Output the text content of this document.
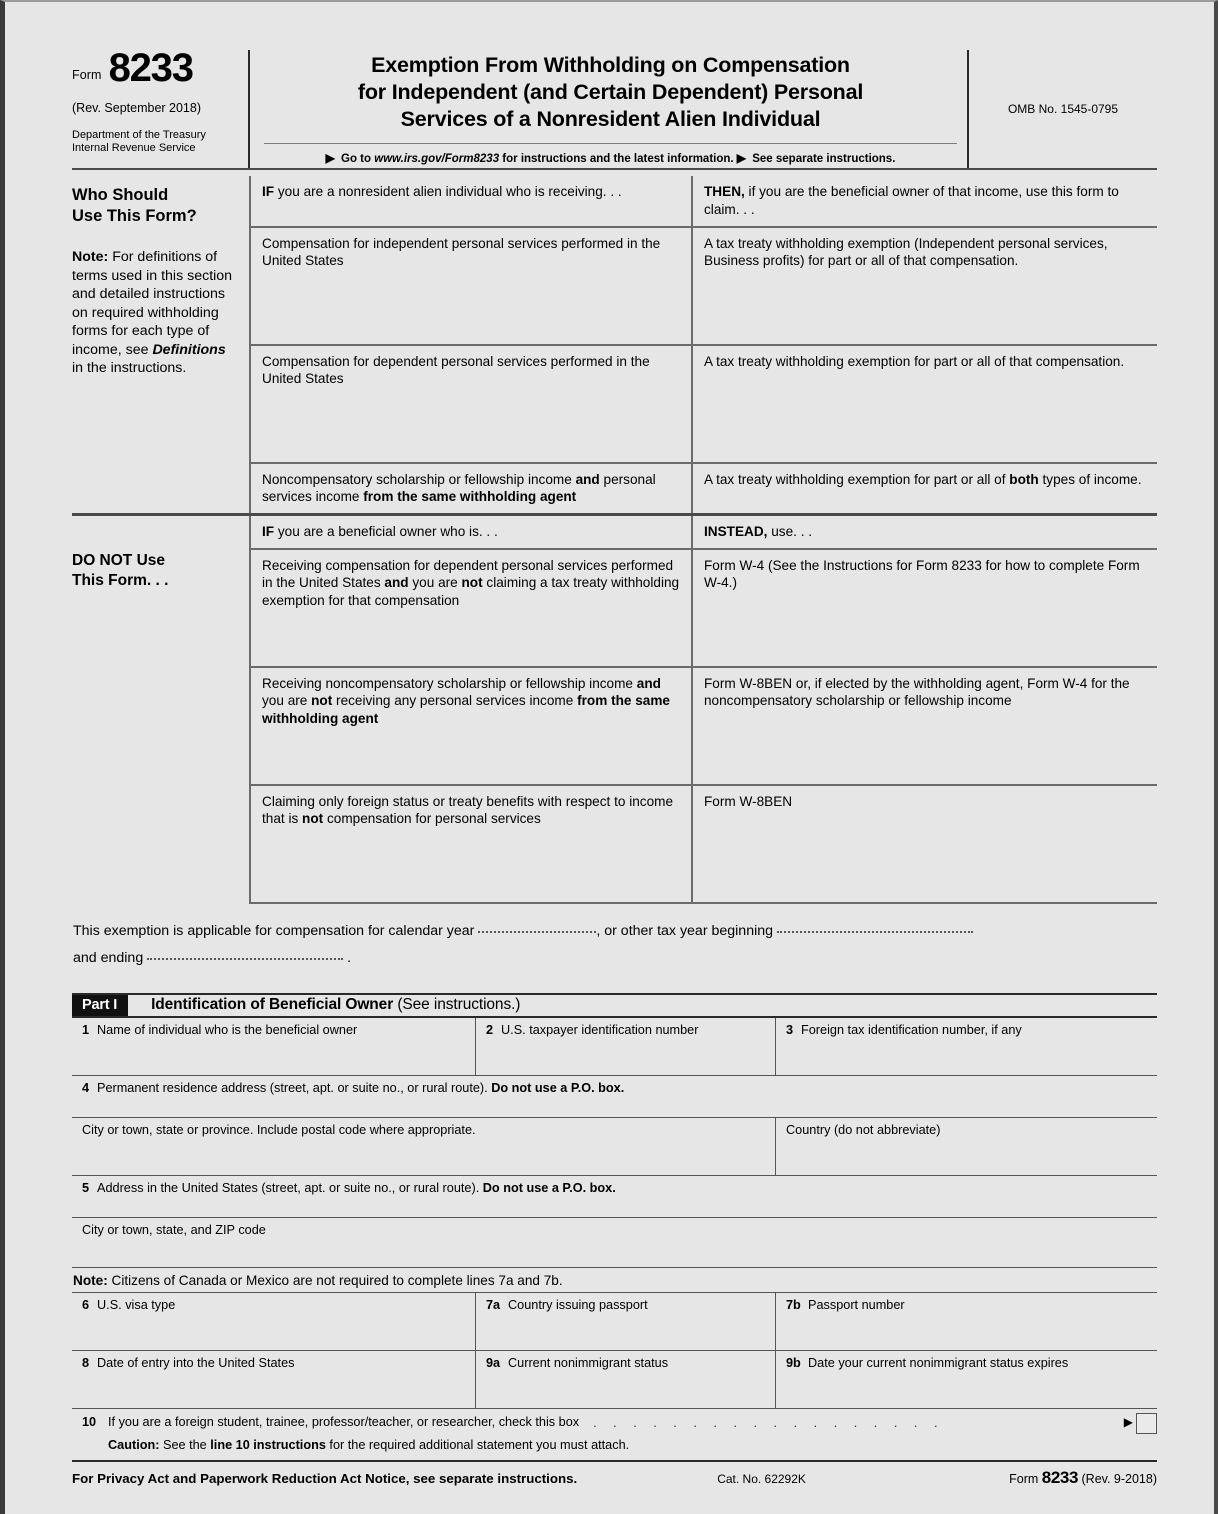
Form 8233
(Rev. September 2018)
Department of the Treasury
Internal Revenue Service
Exemption From Withholding on Compensation
for Independent (and Certain Dependent) Personal
Services of a Nonresident Alien Individual
▶ Go to www.irs.gov/Form8233 for instructions and the latest information. ▶ See separate instructions.
OMB No. 1545-0795
Who Should
Use This Form?
Note: For definitions of terms used in this section and detailed instructions on required withholding forms for each type of income, see Definitions in the instructions.	IF you are a nonresident alien individual who is receiving. . .	THEN, if you are the beneficial owner of that income, use this form to claim. . .
	Compensation for independent personal services performed in the United States	A tax treaty withholding exemption (Independent personal services, Business profits) for part or all of that compensation.
	Compensation for dependent personal services performed in the United States	A tax treaty withholding exemption for part or all of that compensation.
	Noncompensatory scholarship or fellowship income and personal services income from the same withholding agent	A tax treaty withholding exemption for part or all of both types of income.

DO NOT Use
This Form. . .	IF you are a beneficial owner who is. . .	INSTEAD, use. . .
	Receiving compensation for dependent personal services performed in the United States and you are not claiming a tax treaty withholding exemption for that compensation	Form W-4 (See the Instructions for Form 8233 for how to complete Form W-4.)
	Receiving noncompensatory scholarship or fellowship income and you are not receiving any personal services income from the same withholding agent	Form W-8BEN or, if elected by the withholding agent, Form W-4 for the noncompensatory scholarship or fellowship income
	Claiming only foreign status or treaty benefits with respect to income that is not compensation for personal services	Form W-8BEN
This exemption is applicable for compensation for calendar year	, or other tax year beginning
and ending	.
Part I	Identification of Beneficial Owner (See instructions.)
1 Name of individual who is the beneficial owner	2 U.S. taxpayer identification number	3 Foreign tax identification number, if any
4 Permanent residence address (street, apt. or suite no., or rural route). Do not use a P.O. box.
City or town, state or province. Include postal code where appropriate.	Country (do not abbreviate)
5 Address in the United States (street, apt. or suite no., or rural route). Do not use a P.O. box.
City or town, state, and ZIP code
Note: Citizens of Canada or Mexico are not required to complete lines 7a and 7b.
6 U.S. visa type	7a Country issuing passport	7b Passport number
8 Date of entry into the United States	9a Current nonimmigrant status	9b Date your current nonimmigrant status expires
10 If you are a foreign student, trainee, professor/teacher, or researcher, check this box	. . . . . . . . . . . . . . . . . .	▶
Caution: See the line 10 instructions for the required additional statement you must attach.
For Privacy Act and Paperwork Reduction Act Notice, see separate instructions.	Cat. No. 62292K	Form 8233 (Rev. 9-2018)
